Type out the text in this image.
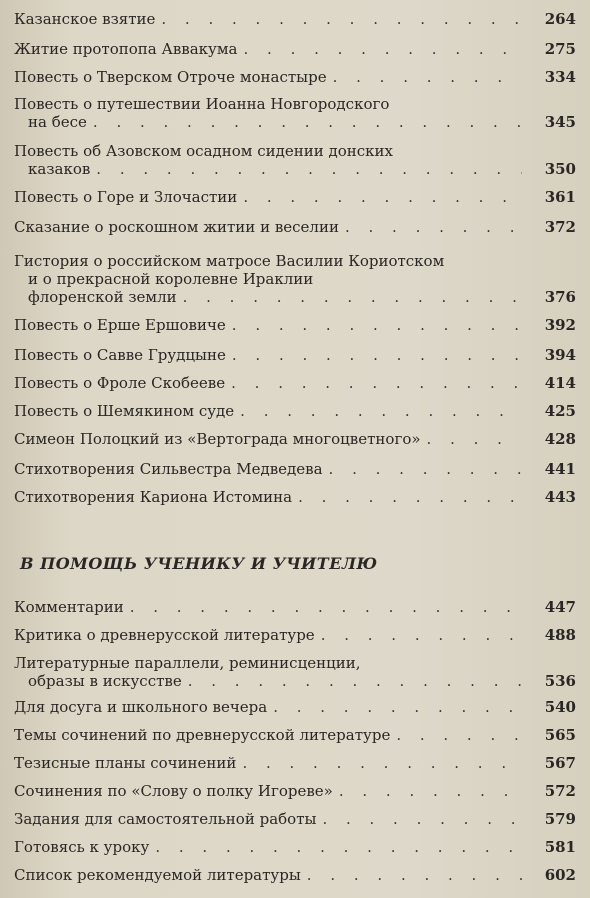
Казанское взятие . . .	264
Житие протопопа Аввакума . . .	275
Повесть о Тверском Отроче монастыре . . .	334
Повесть о путешествии Иоанна Новгородского
на бесе . . .	345
Повесть об Азовском осадном сидении донских
казаков . . .	350
Повесть о Горе и Злочастии . . .	361
Сказание о роскошном житии и веселии . . .	372
Гистория о российском матросе Василии Кориотском
и о прекрасной королевне Ираклии
флоренской земли . . .	376
Повесть о Ерше Ершовиче . . .	392
Повесть о Савве Грудцыне . . .	394
Повесть о Фроле Скобееве . . .	414
Повесть о Шемякином суде . . .	425
Симеон Полоцкий из «Вертограда многоцветного» . . .	428
Стихотворения Сильвестра Медведева . . .	441
Стихотворения Кариона Истомина . . .	443
В ПОМОЩЬ УЧЕНИКУ И УЧИТЕЛЮ
Комментарии . . .	447
Критика о древнерусской литературе . . .	488
Литературные параллели, реминисценции,
образы в искусстве . . .	536
Для досуга и школьного вечера . . .	540
Темы сочинений по древнерусской литературе . . .	565
Тезисные планы сочинений . . .	567
Сочинения по «Слову о полку Игореве» . . .	572
Задания для самостоятельной работы . . .	579
Готовясь к уроку . . .	581
Список рекомендуемой литературы . . .	602
